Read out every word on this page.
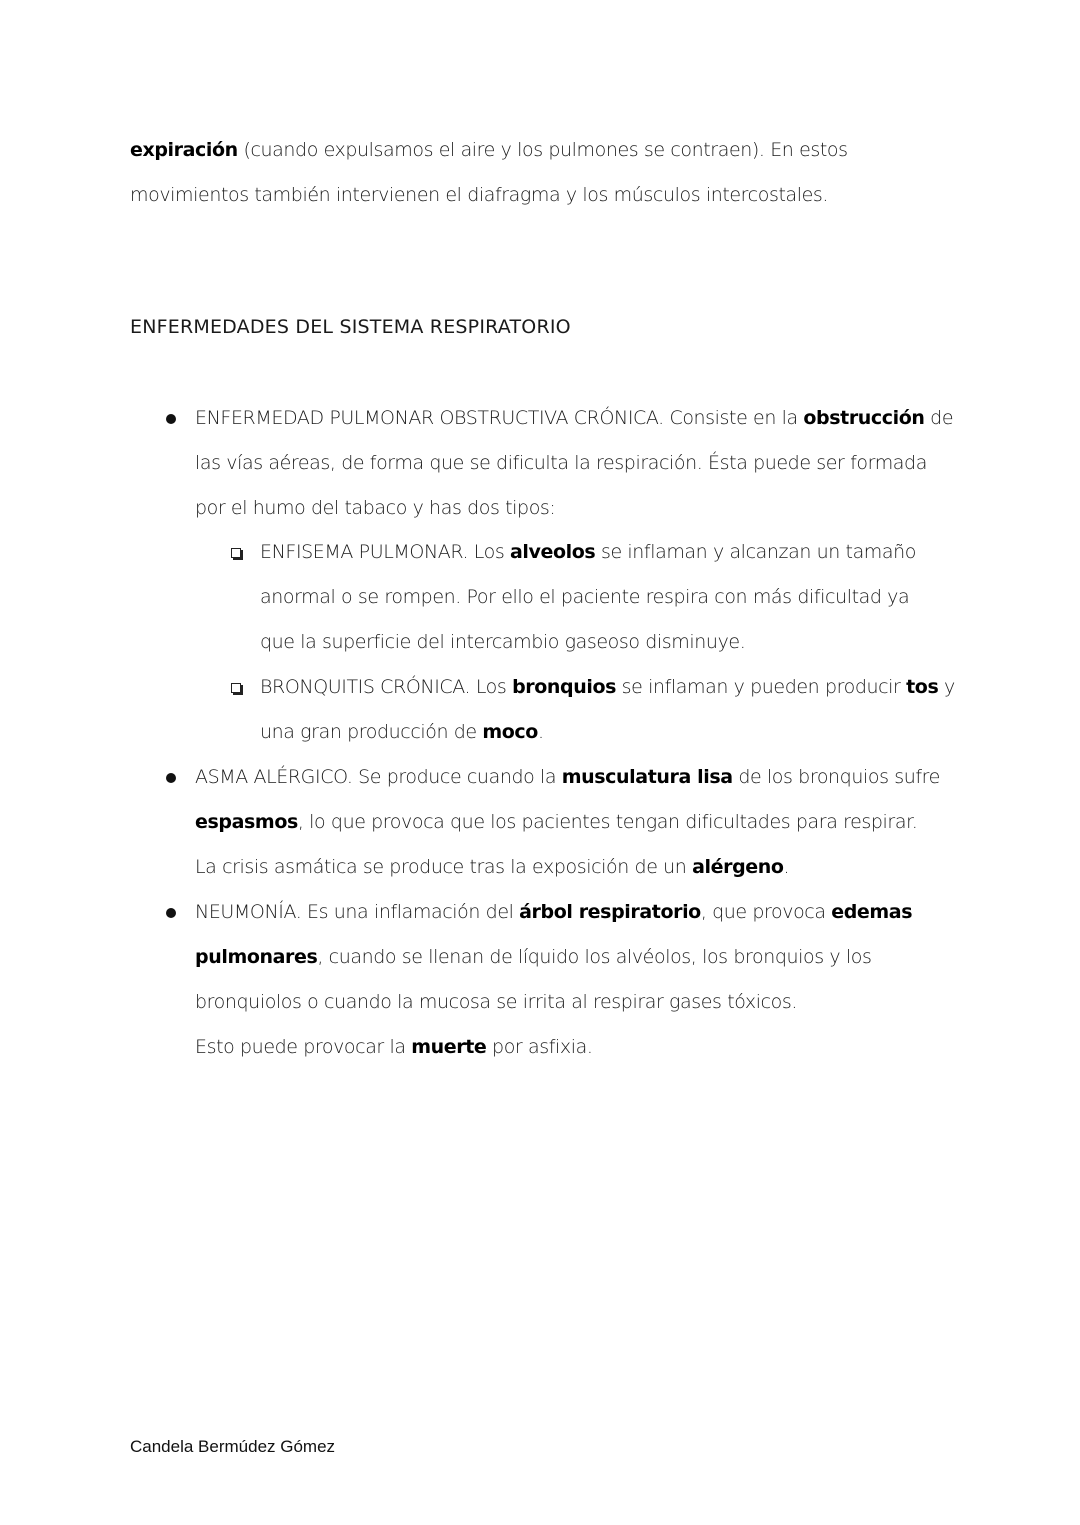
expiración (cuando expulsamos el aire y los pulmones se contraen). En estos
movimientos también intervienen el diafragma y los músculos intercostales.
ENFERMEDADES DEL SISTEMA RESPIRATORIO
ENFERMEDAD PULMONAR OBSTRUCTIVA CRÓNICA. Consiste en la obstrucción de
las vías aéreas, de forma que se dificulta la respiración. Ésta puede ser formada
por el humo del tabaco y has dos tipos:
ENFISEMA PULMONAR. Los alveolos se inflaman y alcanzan un tamaño
anormal o se rompen. Por ello el paciente respira con más dificultad ya
que la superficie del intercambio gaseoso disminuye.
BRONQUITIS CRÓNICA. Los bronquios se inflaman y pueden producir tos y
una gran producción de moco.
ASMA ALÉRGICO. Se produce cuando la musculatura lisa de los bronquios sufre
espasmos, lo que provoca que los pacientes tengan dificultades para respirar.
La crisis asmática se produce tras la exposición de un alérgeno.
NEUMONÍA. Es una inflamación del árbol respiratorio, que provoca edemas
pulmonares, cuando se llenan de líquido los alvéolos, los bronquios y los
bronquiolos o cuando la mucosa se irrita al respirar gases tóxicos.
Esto puede provocar la muerte por asfixia.
Candela Bermúdez Gómez
